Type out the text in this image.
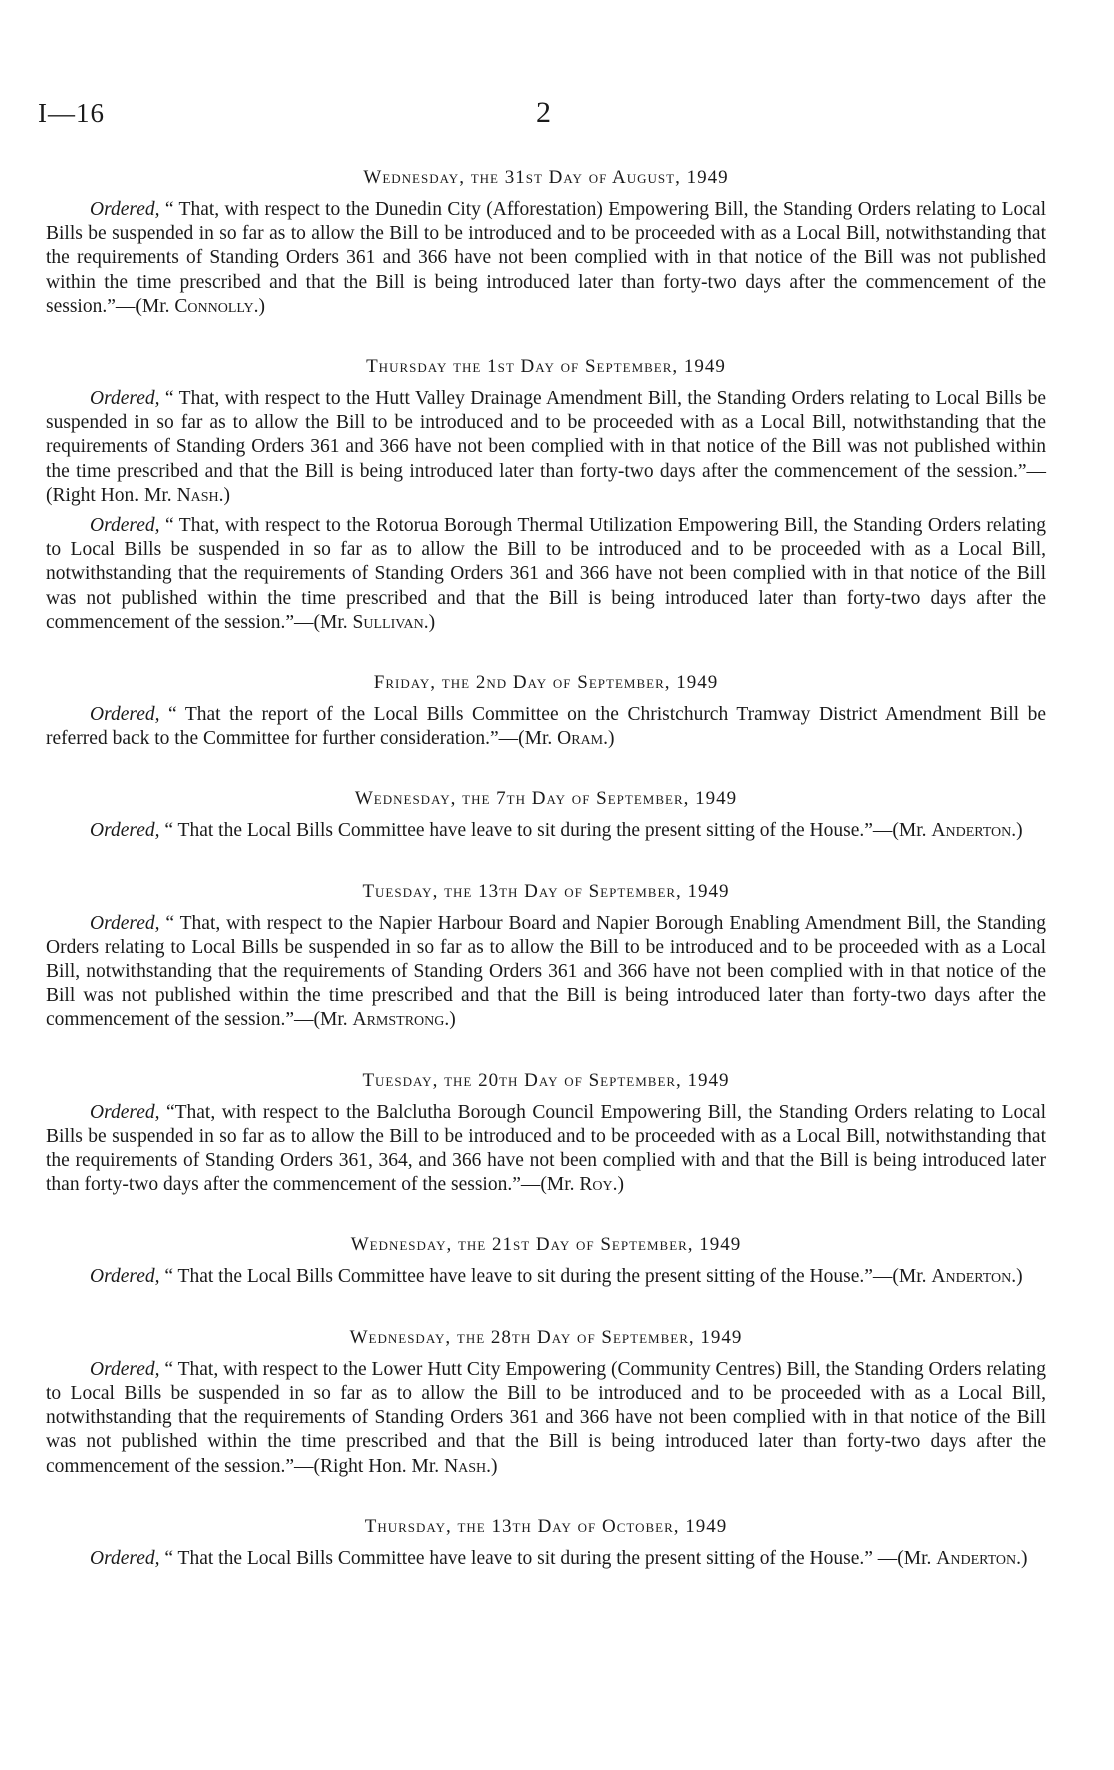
I—16	2
Wednesday, the 31st Day of August, 1949

Ordered, “ That, with respect to the Dunedin City (Afforestation) Empowering Bill, the Standing Orders relating to Local Bills be suspended in so far as to allow the Bill to be introduced and to be proceeded with as a Local Bill, notwithstanding that the requirements of Standing Orders 361 and 366 have not been complied with in that notice of the Bill was not published within the time prescribed and that the Bill is being introduced later than forty-two days after the commencement of the session.”—(Mr. Connolly.)

Thursday the 1st Day of September, 1949

Ordered, “ That, with respect to the Hutt Valley Drainage Amendment Bill, the Standing Orders relating to Local Bills be suspended in so far as to allow the Bill to be introduced and to be proceeded with as a Local Bill, notwithstanding that the requirements of Standing Orders 361 and 366 have not been complied with in that notice of the Bill was not published within the time prescribed and that the Bill is being introduced later than forty-two days after the commencement of the session.”—(Right Hon. Mr. Nash.)

Ordered, “ That, with respect to the Rotorua Borough Thermal Utilization Empowering Bill, the Standing Orders relating to Local Bills be suspended in so far as to allow the Bill to be introduced and to be proceeded with as a Local Bill, notwithstanding that the requirements of Standing Orders 361 and 366 have not been complied with in that notice of the Bill was not published within the time prescribed and that the Bill is being introduced later than forty-two days after the commencement of the session.”—(Mr. Sullivan.)

Friday, the 2nd Day of September, 1949

Ordered, “ That the report of the Local Bills Committee on the Christchurch Tramway District Amendment Bill be referred back to the Committee for further consideration.”—(Mr. Oram.)

Wednesday, the 7th Day of September, 1949

Ordered, “ That the Local Bills Committee have leave to sit during the present sitting of the House.”—(Mr. Anderton.)

Tuesday, the 13th Day of September, 1949

Ordered, “ That, with respect to the Napier Harbour Board and Napier Borough Enabling Amendment Bill, the Standing Orders relating to Local Bills be suspended in so far as to allow the Bill to be introduced and to be proceeded with as a Local Bill, notwithstanding that the requirements of Standing Orders 361 and 366 have not been complied with in that notice of the Bill was not published within the time prescribed and that the Bill is being introduced later than forty-two days after the commencement of the session.”—(Mr. Armstrong.)

Tuesday, the 20th Day of September, 1949

Ordered, “That, with respect to the Balclutha Borough Council Empowering Bill, the Standing Orders relating to Local Bills be suspended in so far as to allow the Bill to be introduced and to be proceeded with as a Local Bill, notwithstanding that the requirements of Standing Orders 361, 364, and 366 have not been complied with and that the Bill is being introduced later than forty-two days after the commencement of the session.”—(Mr. Roy.)

Wednesday, the 21st Day of September, 1949

Ordered, “ That the Local Bills Committee have leave to sit during the present sitting of the House.”—(Mr. Anderton.)

Wednesday, the 28th Day of September, 1949

Ordered, “ That, with respect to the Lower Hutt City Empowering (Community Centres) Bill, the Standing Orders relating to Local Bills be suspended in so far as to allow the Bill to be introduced and to be proceeded with as a Local Bill, notwithstanding that the requirements of Standing Orders 361 and 366 have not been complied with in that notice of the Bill was not published within the time prescribed and that the Bill is being introduced later than forty-two days after the commencement of the session.”—(Right Hon. Mr. Nash.)

Thursday, the 13th Day of October, 1949

Ordered, “ That the Local Bills Committee have leave to sit during the present sitting of the House.” —(Mr. Anderton.)
